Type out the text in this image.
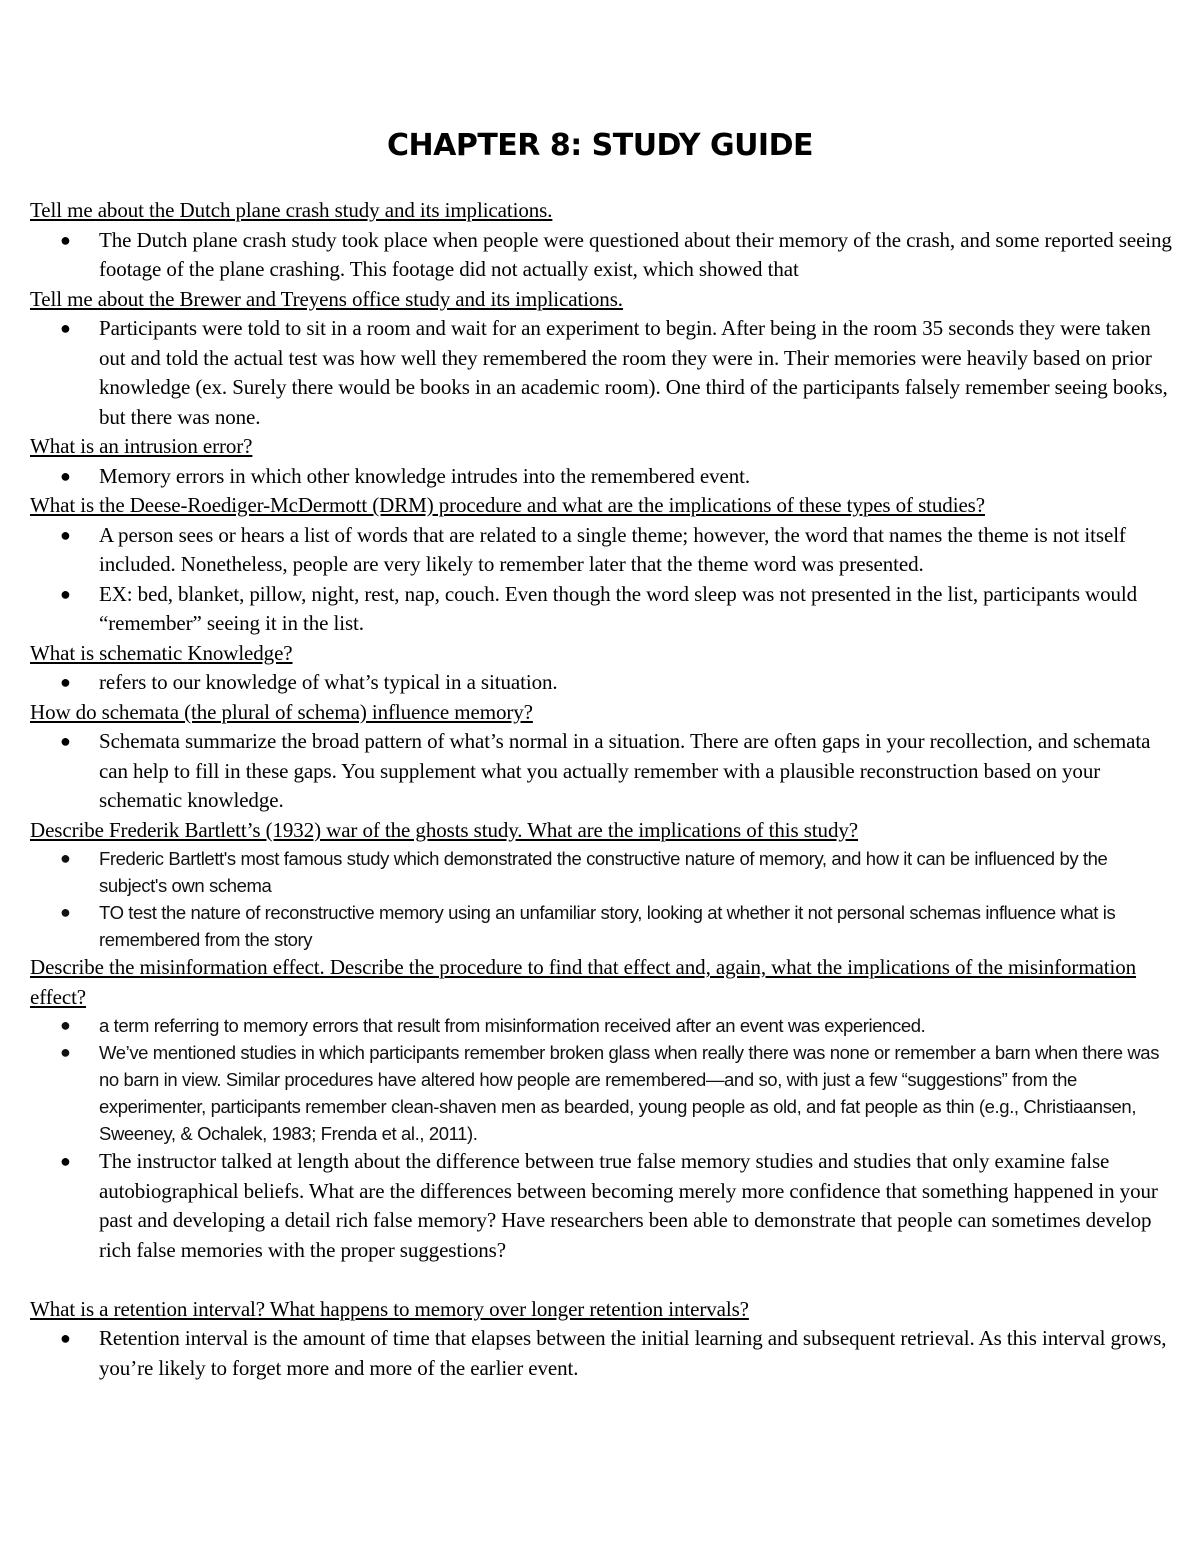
CHAPTER 8: STUDY GUIDE

Tell me about the Dutch plane crash study and its implications.

● The Dutch plane crash study took place when people were questioned about their memory of the crash, and some reported seeing footage of the plane crashing. This footage did not actually exist, which showed that

Tell me about the Brewer and Treyens office study and its implications.

● Participants were told to sit in a room and wait for an experiment to begin. After being in the room 35 seconds they were taken out and told the actual test was how well they remembered the room they were in. Their memories were heavily based on prior knowledge (ex. Surely there would be books in an academic room). One third of the participants falsely remember seeing books, but there was none.

What is an intrusion error?

● Memory errors in which other knowledge intrudes into the remembered event.

What is the Deese-Roediger-McDermott (DRM) procedure and what are the implications of these types of studies?

● A person sees or hears a list of words that are related to a single theme; however, the word that names the theme is not itself included. Nonetheless, people are very likely to remember later that the theme word was presented.
● EX: bed, blanket, pillow, night, rest, nap, couch. Even though the word sleep was not presented in the list, participants would “remember” seeing it in the list.

What is schematic Knowledge?

● refers to our knowledge of what’s typical in a situation.

How do schemata (the plural of schema) influence memory?

● Schemata summarize the broad pattern of what’s normal in a situation. There are often gaps in your recollection, and schemata can help to fill in these gaps. You supplement what you actually remember with a plausible reconstruction based on your schematic knowledge.

Describe Frederik Bartlett’s (1932) war of the ghosts study. What are the implications of this study?

● Frederic Bartlett's most famous study which demonstrated the constructive nature of memory, and how it can be influenced by the subject's own schema
● TO test the nature of reconstructive memory using an unfamiliar story, looking at whether it not personal schemas influence what is remembered from the story

Describe the misinformation effect. Describe the procedure to find that effect and, again, what the implications of the misinformation effect?

● a term referring to memory errors that result from misinformation received after an event was experienced.
● We’ve mentioned studies in which participants remember broken glass when really there was none or remember a barn when there was no barn in view. Similar procedures have altered how people are remembered—and so, with just a few “suggestions” from the experimenter, participants remember clean-shaven men as bearded, young people as old, and fat people as thin (e.g., Christiaansen, Sweeney, & Ochalek, 1983; Frenda et al., 2011).
● The instructor talked at length about the difference between true false memory studies and studies that only examine false autobiographical beliefs. What are the differences between becoming merely more confidence that something happened in your past and developing a detail rich false memory? Have researchers been able to demonstrate that people can sometimes develop rich false memories with the proper suggestions?

What is a retention interval? What happens to memory over longer retention intervals?

● Retention interval is the amount of time that elapses between the initial learning and subsequent retrieval. As this interval grows, you’re likely to forget more and more of the earlier event.
